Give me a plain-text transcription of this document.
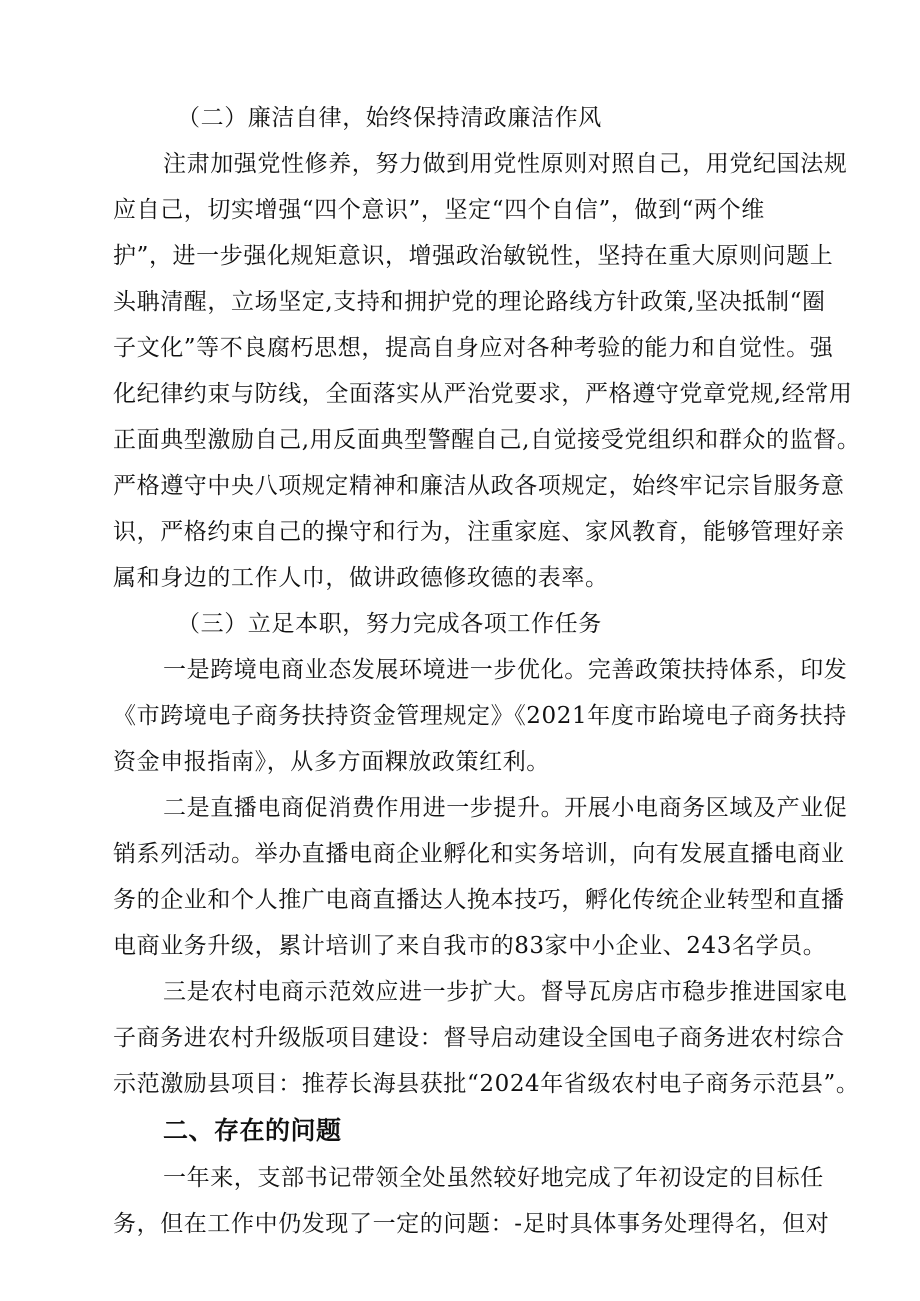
（二）廉洁自律，始终保持清政廉洁作风
注肃加强党性修养，努力做到用党性原则对照自己，用党纪国法规
应自己，切实增强“四个意识”，坚定“四个自信”，做到“两个维
护”，进一步强化规矩意识，增强政治敏锐性，坚持在重大原则问题上
头聃清醒，立场坚定,支持和拥护党的理论路线方针政策,坚决抵制“圈
子文化”等不良腐朽思想，提高自身应对各种考验的能力和自觉性。强
化纪律约束与防线，全面落实从严治党要求，严格遵守党章党规,经常用
正面典型激励自己,用反面典型警醒自己,自觉接受党组织和群众的监督。
严格遵守中央八项规定精神和廉洁从政各项规定，始终牢记宗旨服务意
识，严格约束自己的操守和行为，注重家庭、家风教育，能够管理好亲
属和身边的工作人巾，做讲政德修玫德的表率。
（三）立足本职，努力完成各项工作任务
一是跨境电商业态发展环境进一步优化。完善政策扶持体系，印发
《市跨境电子商务扶持资金管理规定》《2021年度市跆境电子商务扶持
资金申报指南》，从多方面粿放政策红利。
二是直播电商促消费作用进一步提升。开展小电商务区域及产业促
销系列活动。举办直播电商企业孵化和实务培训，向有发展直播电商业
务的企业和个人推广电商直播达人挽本技巧，孵化传统企业转型和直播
电商业务升级，累计培训了来自我市的83家中小企业、243名学员。
三是农村电商示范效应进一步扩大。督导瓦房店市稳步推进国家电
子商务进农村升级版项目建设：督导启动建设全国电子商务进农村综合
示范激励县项目：推荐长海县获批“2024年省级农村电子商务示范县”。
二、存在的问题
一年来，支部书记带领全处虽然较好地完成了年初设定的目标任
务，但在工作中仍发现了一定的问题：-足时具体事务处理得名，但对
